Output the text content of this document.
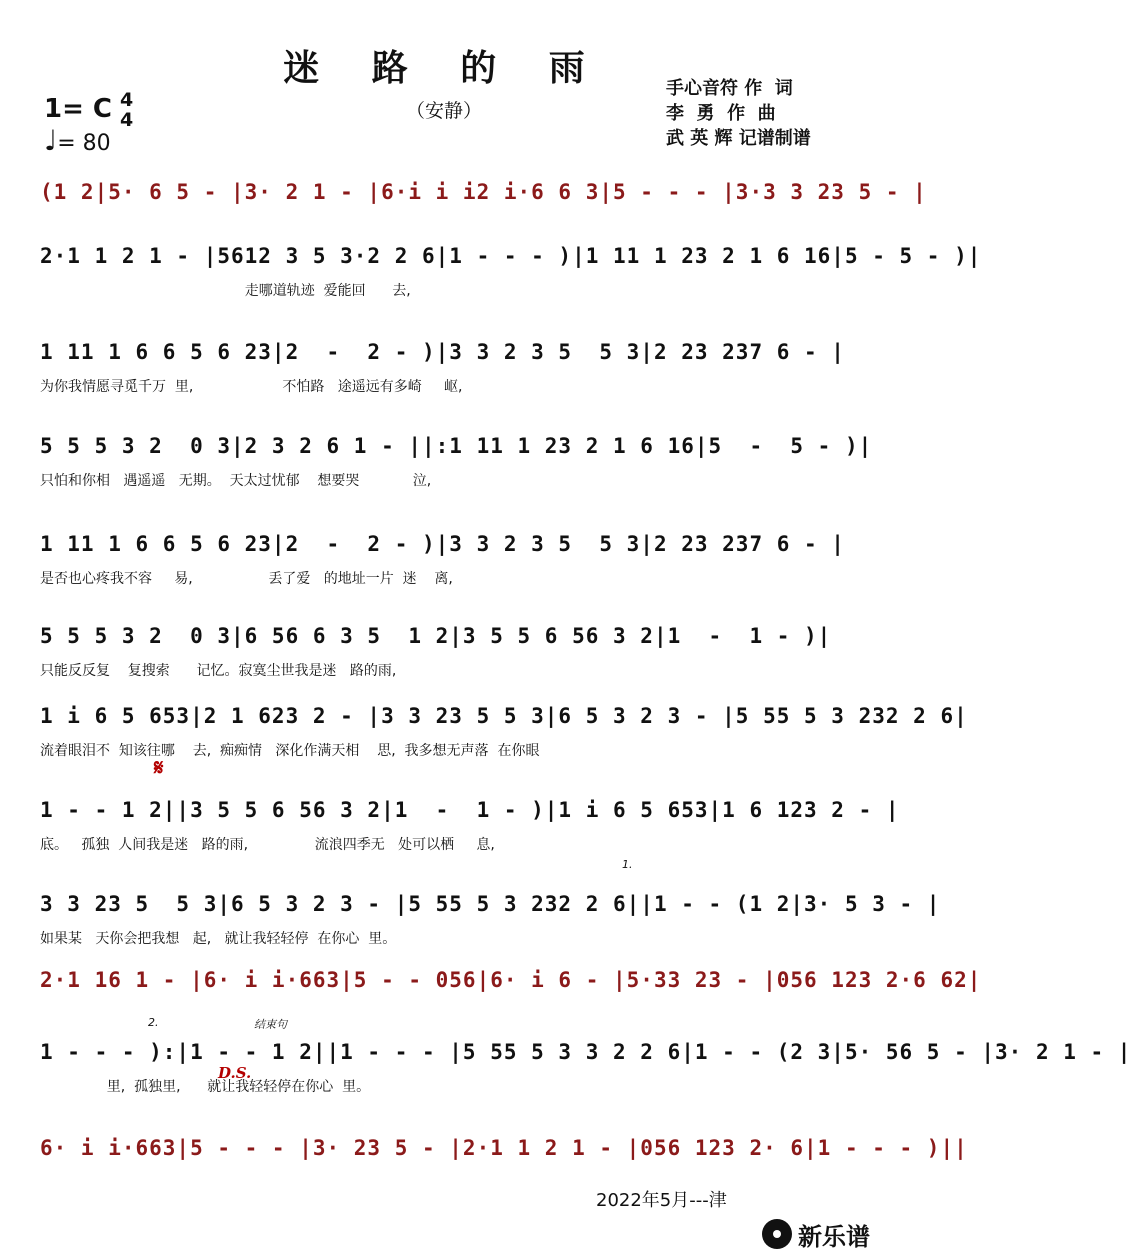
迷 路 的 雨
（安静）
手心音符 作  词
李  勇  作  曲
武 英 辉 记谱制谱
1= C 4
4
♩= 80
(1 2|5· 6 5 - |3· 2 1 - |6·i i i2 i·6 6 3|5 - - - |3·3 3 23 5 - |
2·1 1 2 1 - |5612 3 5 3·2 2 6|1 - - - )|1 11 1 23 2 1 6 16|5 - 5 - )|
走哪道轨迹  爱能回      去,
1 11 1 6 6 5 6 23|2  -  2 - )|3 3 2 3 5  5 3|2 23 237 6 - |
为你我情愿寻觅千万  里,                    不怕路   途遥远有多崎     岖,
5 5 5 3 2  0 3|2 3 2 6 1 - ||:1 11 1 23 2 1 6 16|5  -  5 - )|
只怕和你相   遇遥遥   无期。  天太过忧郁    想要哭            泣,
1 11 1 6 6 5 6 23|2  -  2 - )|3 3 2 3 5  5 3|2 23 237 6 - |
是否也心疼我不容     易,                 丢了爱   的地址一片  迷    离,
5 5 5 3 2  0 3|6 56 6 3 5  1 2|3 5 5 6 56 3 2|1  -  1 - )|
只能反反复    复搜索      记忆。寂寞尘世我是迷   路的雨,
1 i 6 5 653|2 1 623 2 - |3 3 23 5 5 3|6 5 3 2 3 - |5 55 5 3 232 2 6|
流着眼泪不  知该往哪    去,  痴痴情   深化作满天相    思,  我多想无声落  在你眼
1 - - 1 2||3 5 5 6 56 3 2|1  -  1 - )|1 i 6 5 653|1 6 123 2 - |
底。   孤独  人间我是迷   路的雨,               流浪四季无   处可以栖     息,
3 3 23 5  5 3|6 5 3 2 3 - |5 55 5 3 232 2 6||1 - - (1 2|3· 5 3 - |
如果某   天你会把我想   起,   就让我轻轻停  在你心  里。
2·1 16 1 - |6· i i·663|5 - - 056|6· i 6 - |5·33 23 - |056 123 2·6 62|
1 - - - ):|1 - - 1 2||1 - - - |5 55 5 3 3 2 2 6|1 - - (2 3|5· 56 5 - |3· 2 1 - |
里,  孤独里,      就让我轻轻停在你心  里。
6· i i·663|5 - - - |3· 23 5 - |2·1 1 2 1 - |056 123 2· 6|1 - - - )||
1.
2.	结束句
D.S.
𝄋
2022年5月---津
新乐谱
